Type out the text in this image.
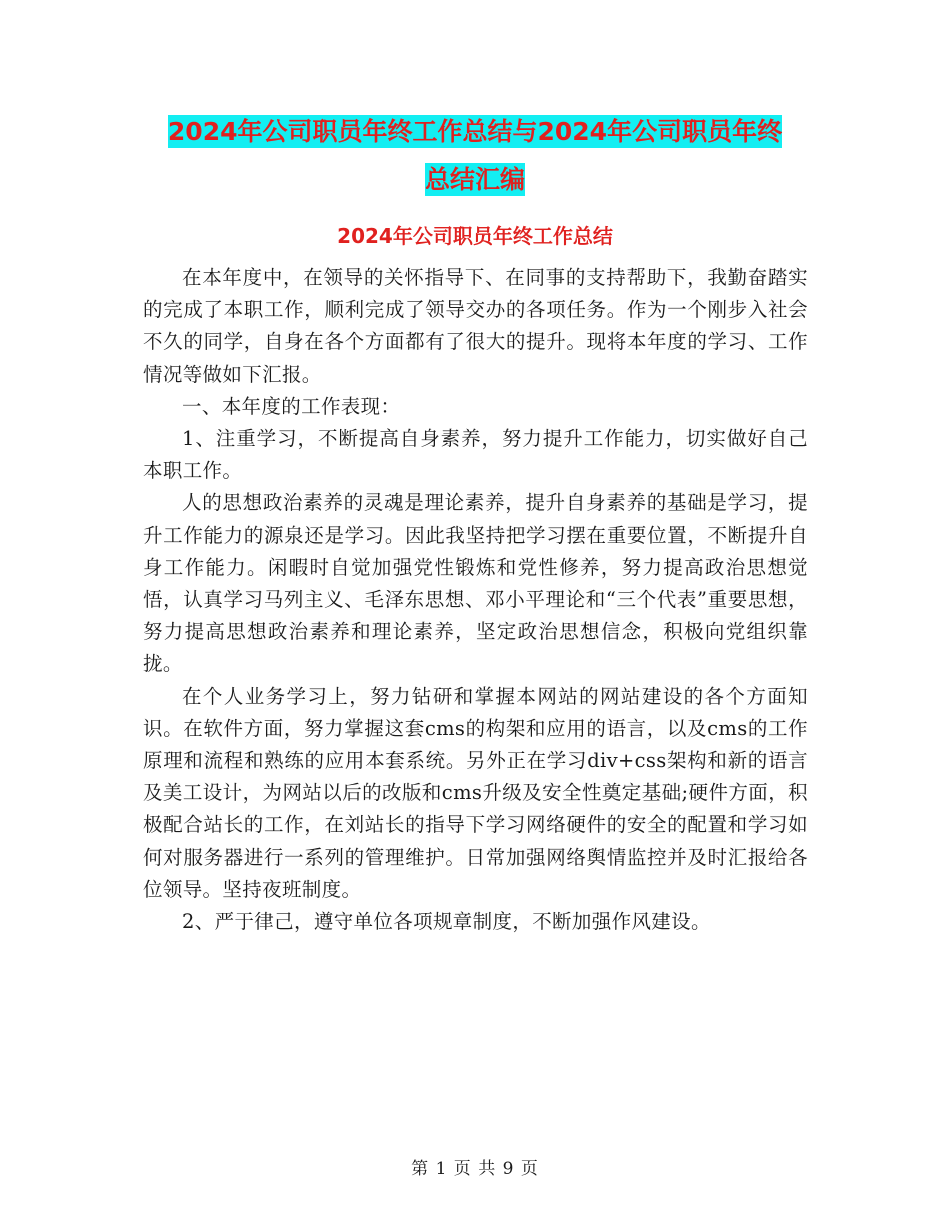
2024年公司职员年终工作总结与2024年公司职员年终
总结汇编
2024年公司职员年终工作总结

在本年度中，在领导的关怀指导下、在同事的支持帮助下，我勤奋踏实的完成了本职工作，顺利完成了领导交办的各项任务。作为一个刚步入社会不久的同学，自身在各个方面都有了很大的提升。现将本年度的学习、工作情况等做如下汇报。

一、本年度的工作表现：

1、注重学习，不断提高自身素养，努力提升工作能力，切实做好自己本职工作。

人的思想政治素养的灵魂是理论素养，提升自身素养的基础是学习，提升工作能力的源泉还是学习。因此我坚持把学习摆在重要位置，不断提升自身工作能力。闲暇时自觉加强党性锻炼和党性修养，努力提高政治思想觉悟，认真学习马列主义、毛泽东思想、邓小平理论和“三个代表”重要思想，努力提高思想政治素养和理论素养，坚定政治思想信念，积极向党组织靠拢。

在个人业务学习上，努力钻研和掌握本网站的网站建设的各个方面知识。在软件方面，努力掌握这套cms的构架和应用的语言，以及cms的工作原理和流程和熟练的应用本套系统。另外正在学习div+css架构和新的语言及美工设计，为网站以后的改版和cms升级及安全性奠定基础;硬件方面，积极配合站长的工作，在刘站长的指导下学习网络硬件的安全的配置和学习如何对服务器进行一系列的管理维护。日常加强网络舆情监控并及时汇报给各位领导。坚持夜班制度。

2、严于律己，遵守单位各项规章制度，不断加强作风建设。

第 1 页 共 9 页
